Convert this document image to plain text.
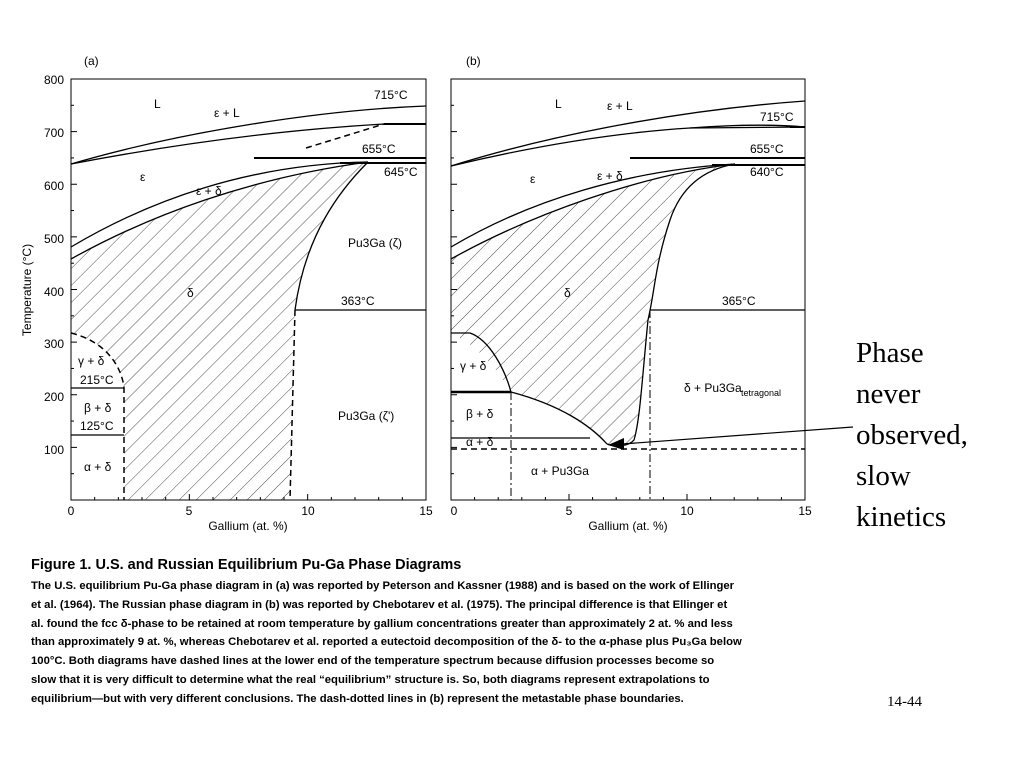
(a)
100
200
300
400
500
600
700
800
0	5	10	15
Gallium (at. %)
Temperature (°C)
L
ε + L
ε
ε + δ
δ
γ + δ
β + δ
α + δ
Pu3Ga (ζ)
Pu3Ga (ζ')
715°C
655°C
645°C
363°C
215°C
125°C
(b)
0	5	10	15
Gallium (at. %)
L	ε + L
ε	ε + δ
δ
γ + δ
β + δ
α + δ
δ + Pu3Ga tetragonal
α + Pu3Ga
715°C
655°C
640°C
365°C
Phase
never
observed,
slow
kinetics
Figure 1. U.S. and Russian Equilibrium Pu-Ga Phase Diagrams
The U.S. equilibrium Pu-Ga phase diagram in (a) was reported by Peterson and Kassner (1988) and is based on the work of Ellinger
et al. (1964). The Russian phase diagram in (b) was reported by Chebotarev et al. (1975). The principal difference is that Ellinger et
al. found the fcc δ-phase to be retained at room temperature by gallium concentrations greater than approximately 2 at. % and less
than approximately 9 at. %, whereas Chebotarev et al. reported a eutectoid decomposition of the δ- to the α-phase plus Pu₃Ga below
100°C. Both diagrams have dashed lines at the lower end of the temperature spectrum because diffusion processes become so
slow that it is very difficult to determine what the real “equilibrium” structure is. So, both diagrams represent extrapolations to
equilibrium—but with very different conclusions. The dash-dotted lines in (b) represent the metastable phase boundaries.	14-44
